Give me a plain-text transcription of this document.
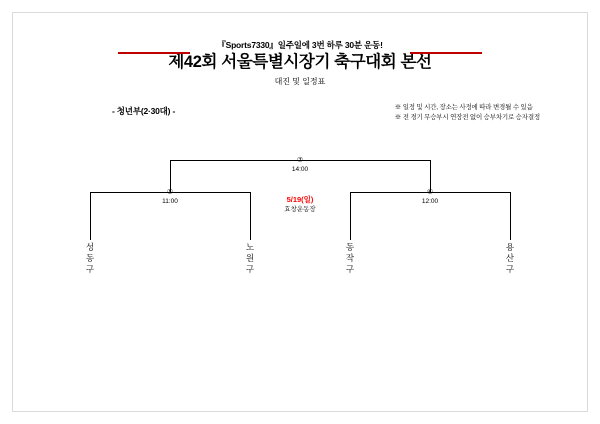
『Sports7330』일주일에 3번 하루 30분 운동!
제42회 서울특별시장기 축구대회 본선
대진 및 일정표
- 청년부(2·30대) -	※ 일정 및 시간, 장소는 사정에 따라 변경될 수 있음
※ 전 경기 무승부시 연장전 없이 승부차기로 승자결정
⑦
14:00
⑤
11:00
⑥
12:00
5/19(일)
효창운동장
성
동
구
노
원
구
동
작
구
용
산
구
